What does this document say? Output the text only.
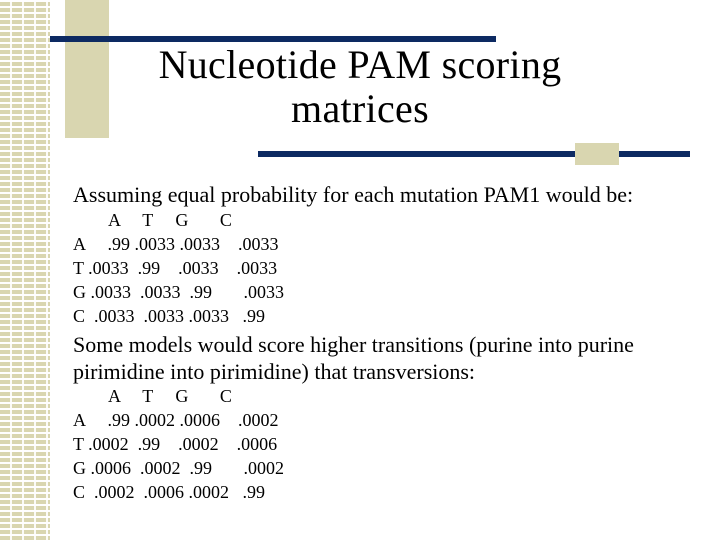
Nucleotide PAM scoring
matrices
Assuming equal probability for each mutation PAM1 would be:
A     T     G       C
A     .99 .0033 .0033    .0033
T .0033  .99    .0033    .0033
G .0033  .0033  .99       .0033
C  .0033  .0033 .0033   .99
Some models would score higher transitions (purine into purine
pirimidine into pirimidine) that transversions:
A     T     G       C
A     .99 .0002 .0006    .0002
T .0002  .99    .0002    .0006
G .0006  .0002  .99       .0002
C  .0002  .0006 .0002   .99
